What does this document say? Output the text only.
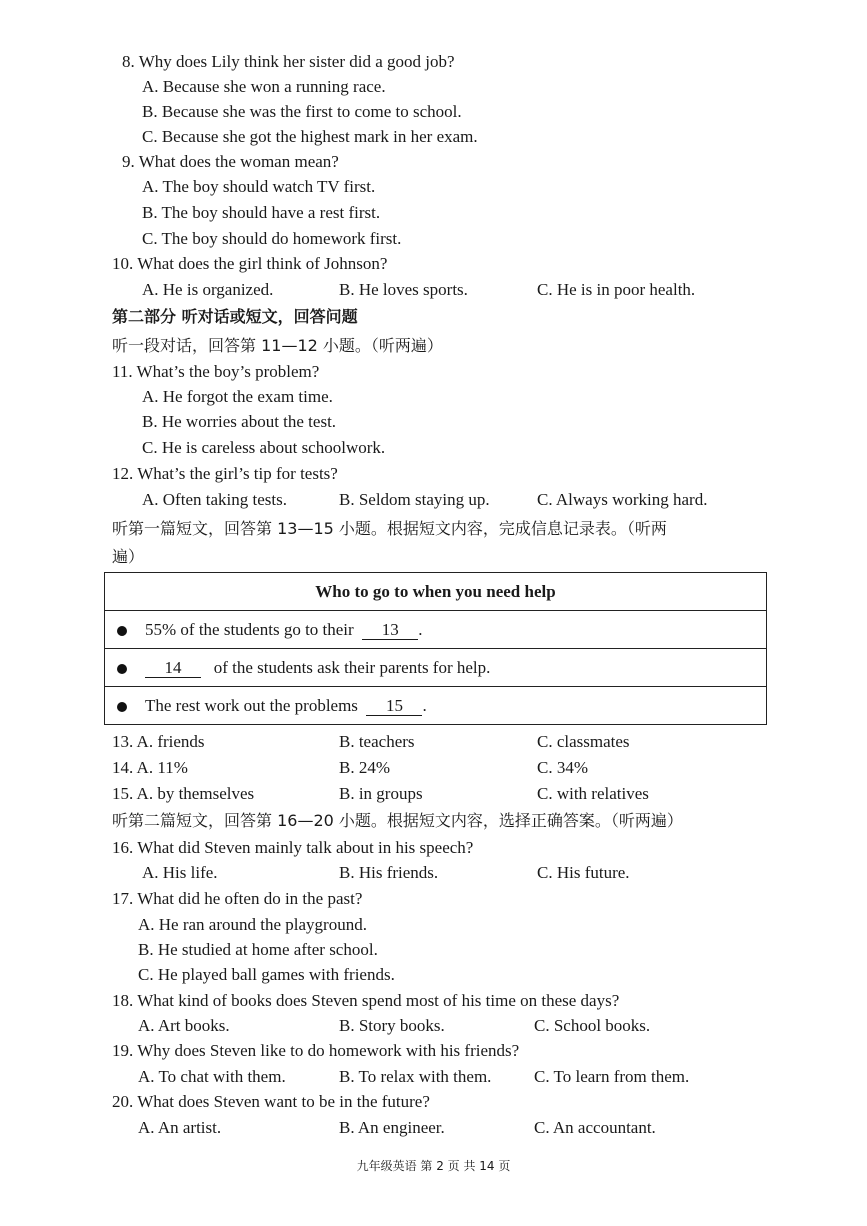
8. Why does Lily think her sister did a good job?
A. Because she won a running race.
B. Because she was the first to come to school.
C. Because she got the highest mark in her exam.
9. What does the woman mean?
A. The boy should watch TV first.
B. The boy should have a rest first.
C. The boy should do homework first.
10. What does the girl think of Johnson?
A. He is organized.	B. He loves sports.	C. He is in poor health.
第二部分 听对话或短文，回答问题
听一段对话，回答第 11—12 小题。（听两遍）
11. What’s the boy’s problem?
A. He forgot the exam time.
B. He worries about the test.
C. He is careless about schoolwork.
12. What’s the girl’s tip for tests?
A. Often taking tests.	B. Seldom staying up.	C. Always working hard.
听第一篇短文，回答第 13—15 小题。根据短文内容，完成信息记录表。（听两
遍）
Who to go to when you need help
55% of the students go to their 13 .
14 of the students ask their parents for help.
The rest work out the problems 15 .
13. A. friends	B. teachers	C. classmates
14. A. 11%	B. 24%	C. 34%
15. A. by themselves	B. in groups	C. with relatives
听第二篇短文，回答第 16—20 小题。根据短文内容，选择正确答案。（听两遍）
16. What did Steven mainly talk about in his speech?
A. His life.	B. His friends.	C. His future.
17. What did he often do in the past?
A. He ran around the playground.
B. He studied at home after school.
C. He played ball games with friends.
18. What kind of books does Steven spend most of his time on these days?
A. Art books.	B. Story books.	C. School books.
19. Why does Steven like to do homework with his friends?
A. To chat with them.	B. To relax with them.	C. To learn from them.
20. What does Steven want to be in the future?
A. An artist.	B. An engineer.	C. An accountant.
九年级英语 第 2 页 共 14 页
